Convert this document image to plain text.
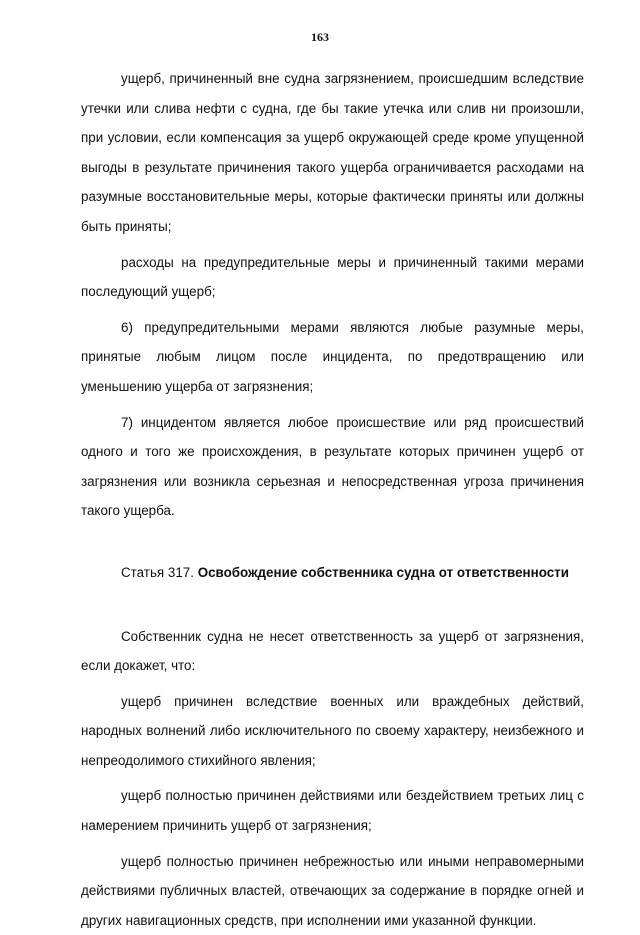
163

ущерб, причиненный вне судна загрязнением, происшедшим вследствие утечки или слива нефти с судна, где бы такие утечка или слив ни произошли, при условии, если компенсация за ущерб окружающей среде кроме упущенной выгоды в результате причинения такого ущерба ограничивается расходами на разумные восстановительные меры, которые фактически приняты или должны быть приняты;

расходы на предупредительные меры и причиненный такими мерами последующий ущерб;

6) предупредительными мерами являются любые разумные меры, принятые любым лицом после инцидента, по предотвращению или уменьшению ущерба от загрязнения;

7) инцидентом является любое происшествие или ряд происшествий одного и того же происхождения, в результате которых причинен ущерб от загрязнения или возникла серьезная и непосредственная угроза причинения такого ущерба.

Статья 317. Освобождение собственника судна от ответственности

Собственник судна не несет ответственность за ущерб от загрязнения, если докажет, что:

ущерб причинен вследствие военных или враждебных действий, народных волнений либо исключительного по своему характеру, неизбежного и непреодолимого стихийного явления;

ущерб полностью причинен действиями или бездействием третьих лиц с намерением причинить ущерб от загрязнения;

ущерб полностью причинен небрежностью или иными неправомерными действиями публичных властей, отвечающих за содержание в порядке огней и других навигационных средств, при исполнении ими указанной функции.
